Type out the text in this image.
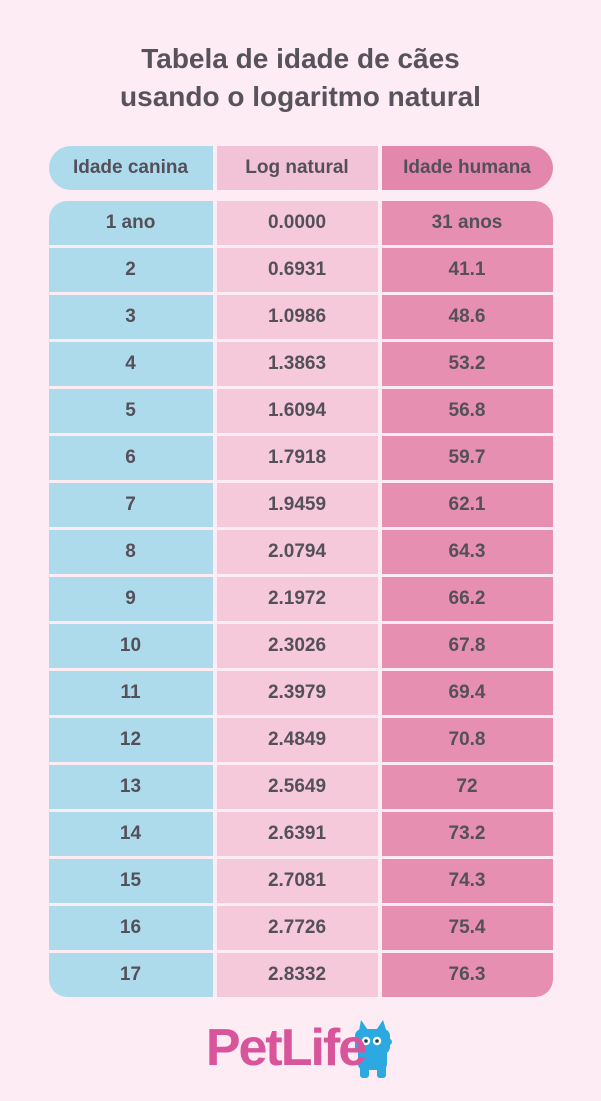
Tabela de idade de cães
usando o logaritmo natural
Idade canina	Log natural	Idade humana
1 ano	0.0000	31 anos
2	0.6931	41.1
3	1.0986	48.6
4	1.3863	53.2
5	1.6094	56.8
6	1.7918	59.7
7	1.9459	62.1
8	2.0794	64.3
9	2.1972	66.2
10	2.3026	67.8
11	2.3979	69.4
12	2.4849	70.8
13	2.5649	72
14	2.6391	73.2
15	2.7081	74.3
16	2.7726	75.4
17	2.8332	76.3
PetLife
